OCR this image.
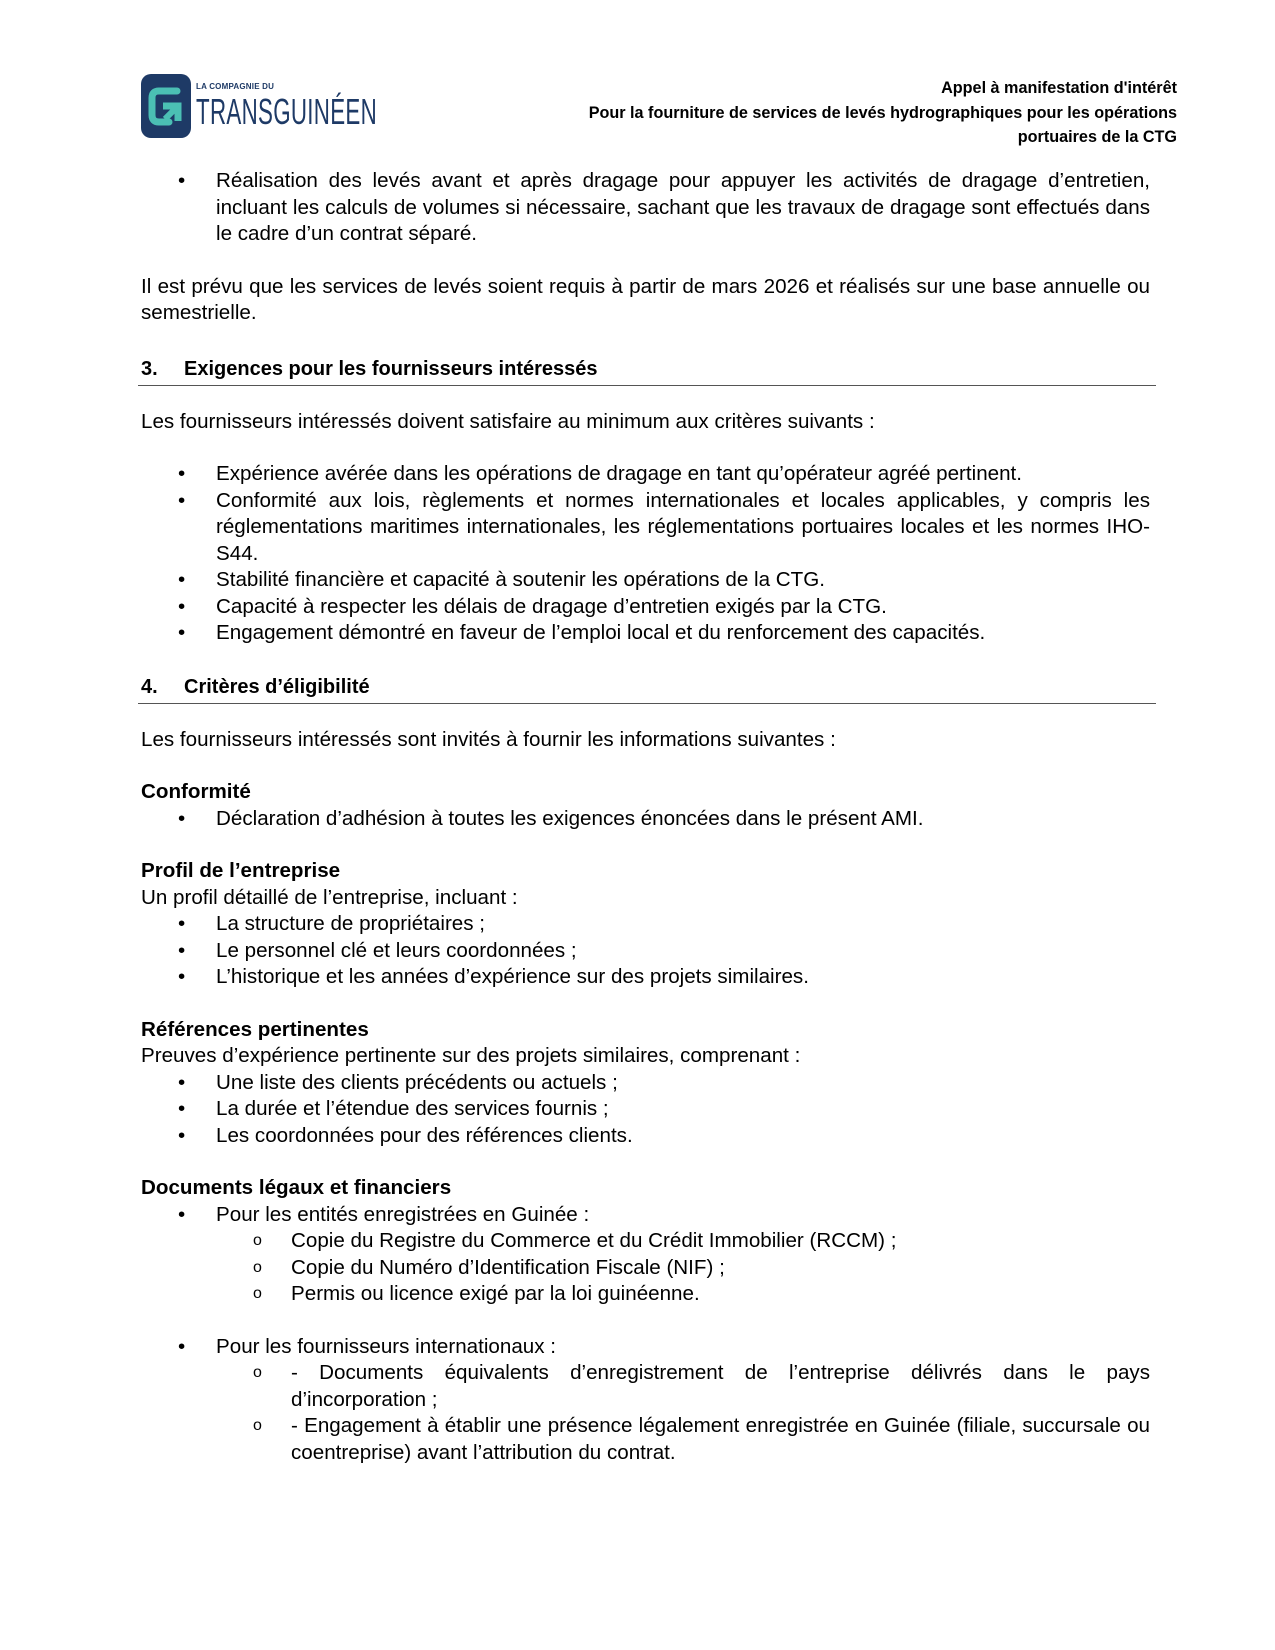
LA COMPAGNIE DU
TRANSGUINÉEN
Appel à manifestation d'intérêt
Pour la fourniture de services de levés hydrographiques pour les opérations
portuaires de la CTG
• Réalisation des levés avant et après dragage pour appuyer les activités de dragage d’entretien, incluant les calculs de volumes si nécessaire, sachant que les travaux de dragage sont effectués dans le cadre d’un contrat séparé.

Il est prévu que les services de levés soient requis à partir de mars 2026 et réalisés sur une base annuelle ou semestrielle.

3. Exigences pour les fournisseurs intéressés

Les fournisseurs intéressés doivent satisfaire au minimum aux critères suivants :

• Expérience avérée dans les opérations de dragage en tant qu’opérateur agréé pertinent.
• Conformité aux lois, règlements et normes internationales et locales applicables, y compris les réglementations maritimes internationales, les réglementations portuaires locales et les normes IHO-S44.
• Stabilité financière et capacité à soutenir les opérations de la CTG.
• Capacité à respecter les délais de dragage d’entretien exigés par la CTG.
• Engagement démontré en faveur de l’emploi local et du renforcement des capacités.
4. Critères d’éligibilité

Les fournisseurs intéressés sont invités à fournir les informations suivantes :

Conformité
• Déclaration d’adhésion à toutes les exigences énoncées dans le présent AMI.
Profil de l’entreprise

Un profil détaillé de l’entreprise, incluant :

• La structure de propriétaires ;
• Le personnel clé et leurs coordonnées ;
• L’historique et les années d’expérience sur des projets similaires.
Références pertinentes

Preuves d’expérience pertinente sur des projets similaires, comprenant :

• Une liste des clients précédents ou actuels ;
• La durée et l’étendue des services fournis ;
• Les coordonnées pour des références clients.
Documents légaux et financiers
• Pour les entités enregistrées en Guinée :
o Copie du Registre du Commerce et du Crédit Immobilier (RCCM) ;
o Copie du Numéro d’Identification Fiscale (NIF) ;
o Permis ou licence exigé par la loi guinéenne.
• Pour les fournisseurs internationaux :
o - Documents équivalents d’enregistrement de l’entreprise délivrés dans le pays d’incorporation ;
o - Engagement à établir une présence légalement enregistrée en Guinée (filiale, succursale ou coentreprise) avant l’attribution du contrat.
